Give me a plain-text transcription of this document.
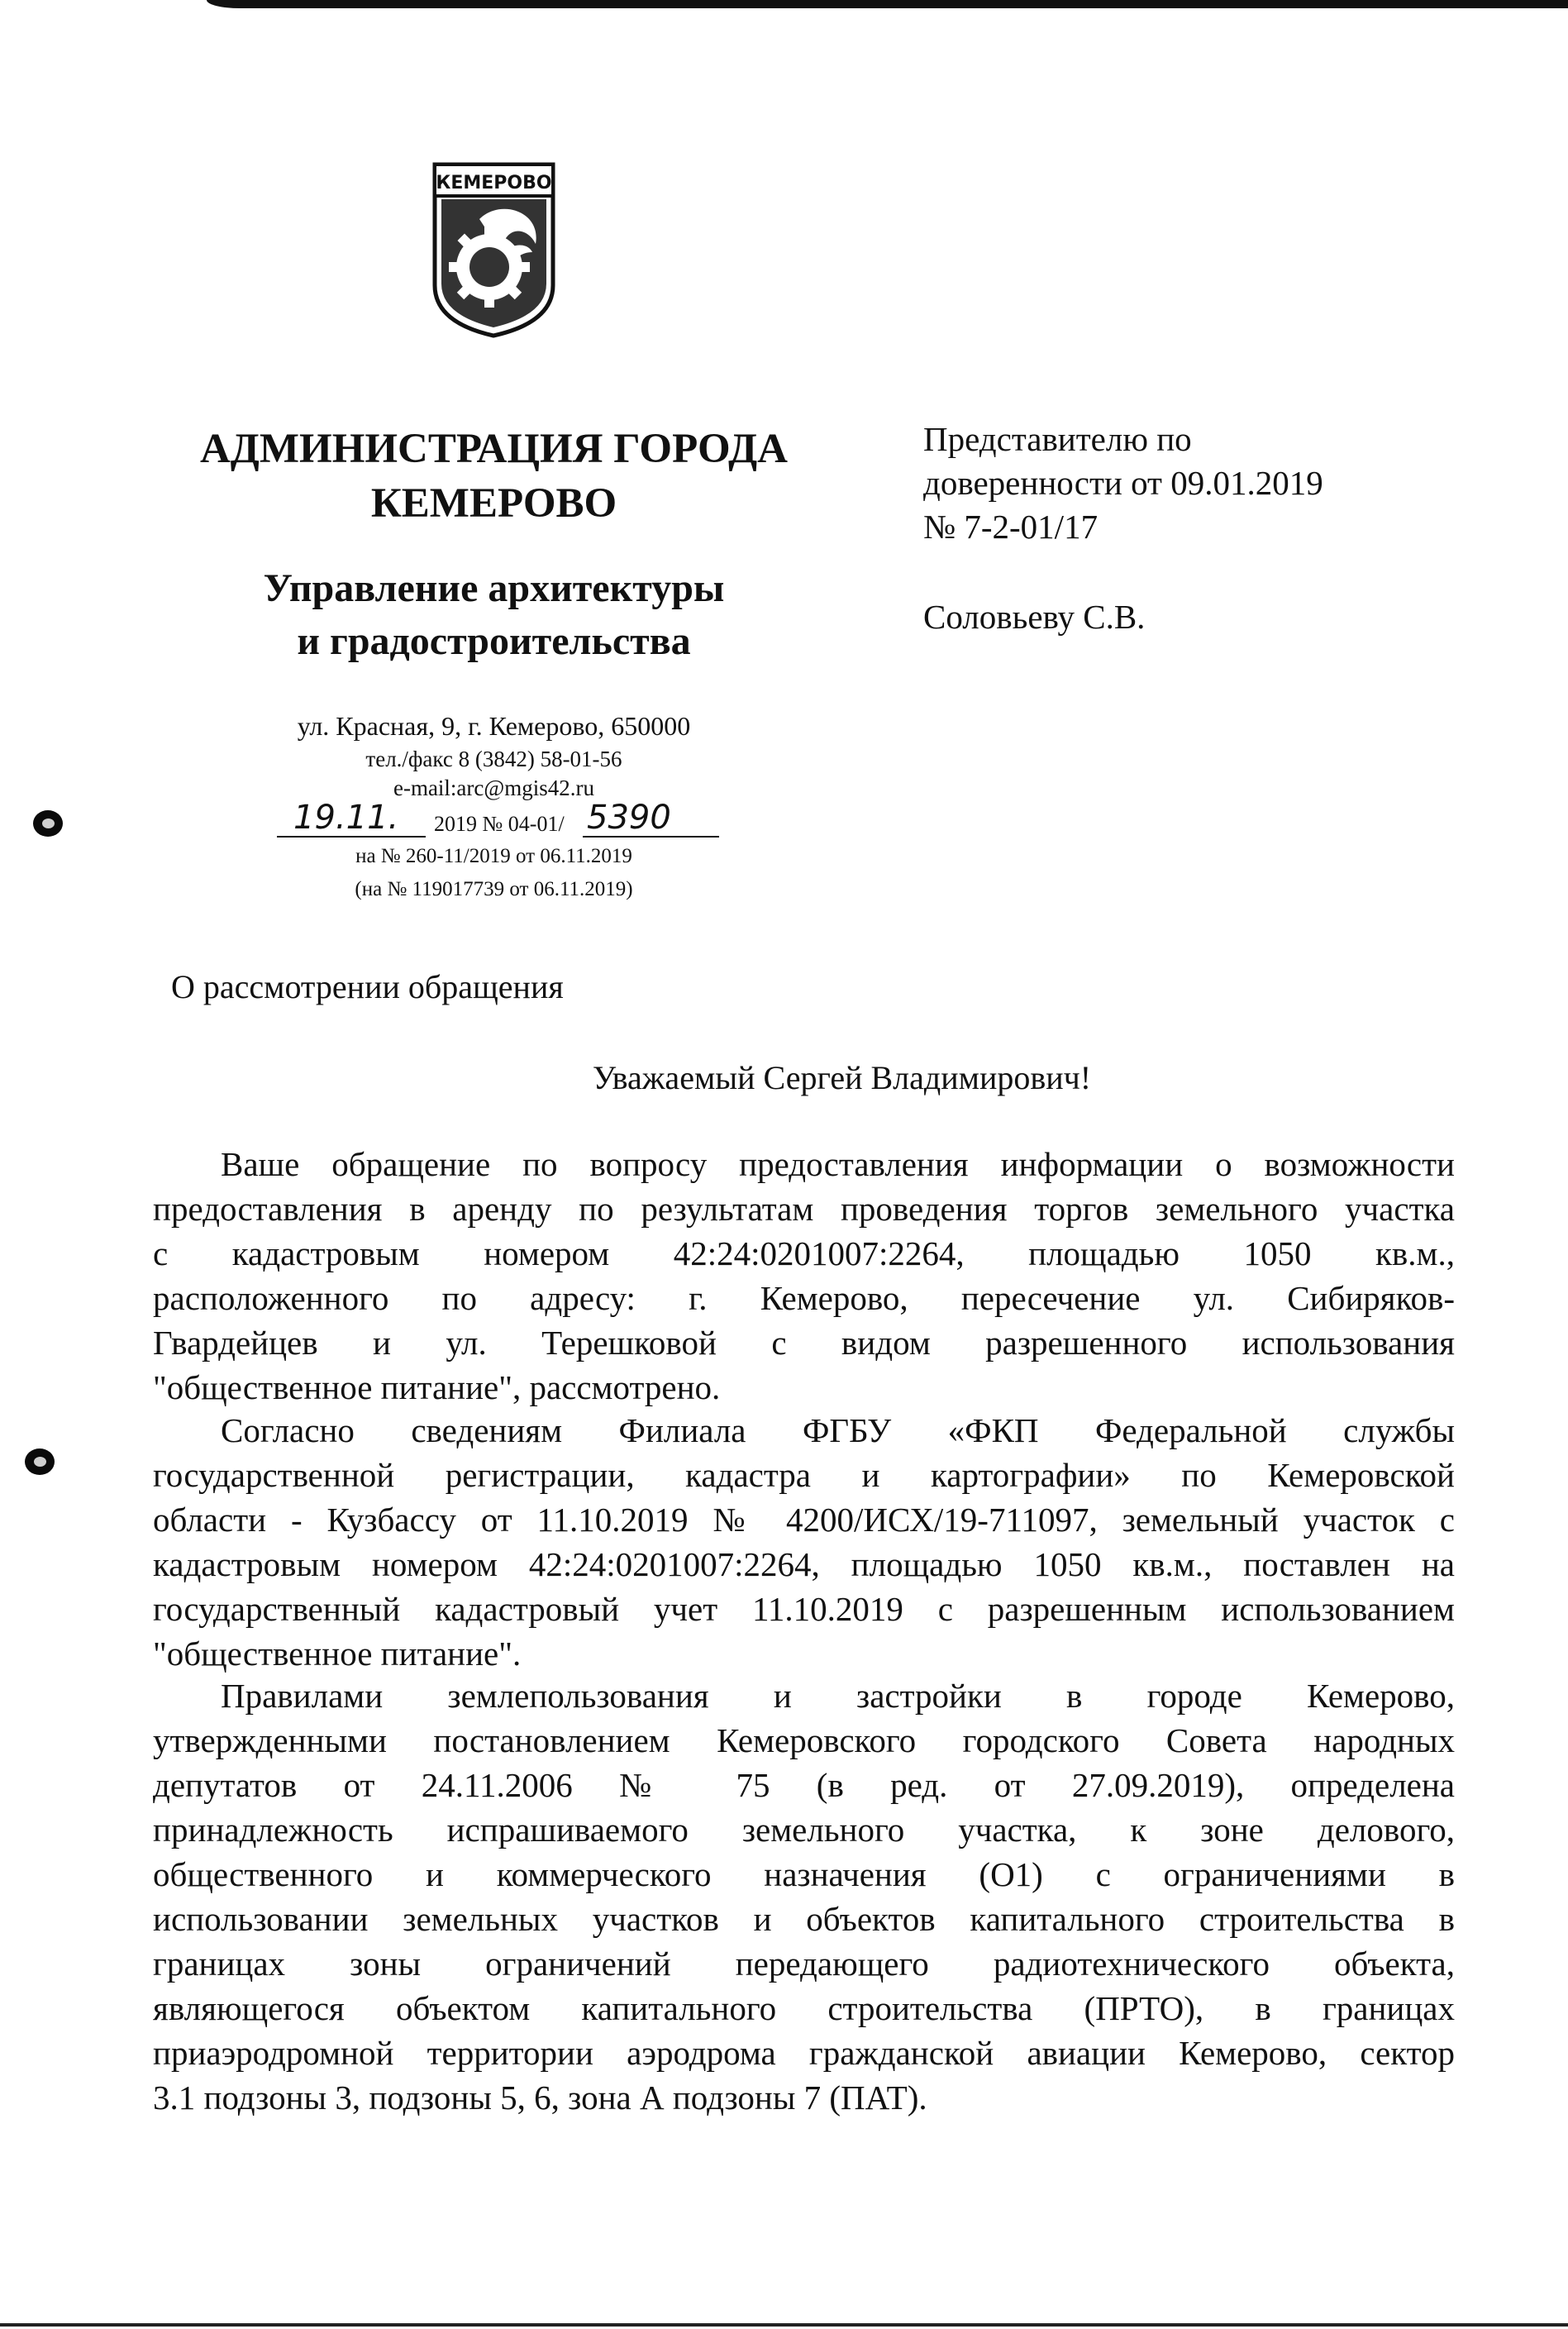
КЕМЕРОВО
АДМИНИСТРАЦИЯ ГОРОДА
КЕМЕРОВО
Управление архитектуры
и градостроительства
ул. Красная, 9, г. Кемерово, 650000
тел./факс 8 (3842) 58-01-56
e-mail:arc@mgis42.ru
19.11. 2019 № 04-01/ 5390
на № 260-11/2019 от 06.11.2019
(на № 119017739 от 06.11.2019)
Представителю по
доверенности от 09.01.2019
№ 7-2-01/17
Соловьеву С.В.
О рассмотрении обращения
Уважаемый Сергей Владимирович!
Ваше обращение по вопросу предоставления информации о возможности
предоставления в аренду по результатам проведения торгов земельного участка
с кадастровым номером 42:24:0201007:2264, площадью 1050 кв.м.,
расположенного по адресу: г. Кемерово, пересечение ул. Сибиряков-
Гвардейцев и ул. Терешковой с видом разрешенного использования
"общественное питание", рассмотрено.
Согласно сведениям Филиала ФГБУ «ФКП Федеральной службы
государственной регистрации, кадастра и картографии» по Кемеровской
области - Кузбассу от 11.10.2019 № 4200/ИСХ/19-711097, земельный участок с
кадастровым номером 42:24:0201007:2264, площадью 1050 кв.м., поставлен на
государственный кадастровый учет 11.10.2019 с разрешенным использованием
"общественное питание".
Правилами землепользования и застройки в городе Кемерово,
утвержденными постановлением Кемеровского городского Совета народных
депутатов от 24.11.2006 № 75 (в ред. от 27.09.2019), определена
принадлежность испрашиваемого земельного участка, к зоне делового,
общественного и коммерческого назначения (О1) с ограничениями в
использовании земельных участков и объектов капитального строительства в
границах зоны ограничений передающего радиотехнического объекта,
являющегося объектом капитального строительства (ПРТО), в границах
приаэродромной территории аэродрома гражданской авиации Кемерово, сектор
3.1 подзоны 3, подзоны 5, 6, зона А подзоны 7 (ПАТ).
